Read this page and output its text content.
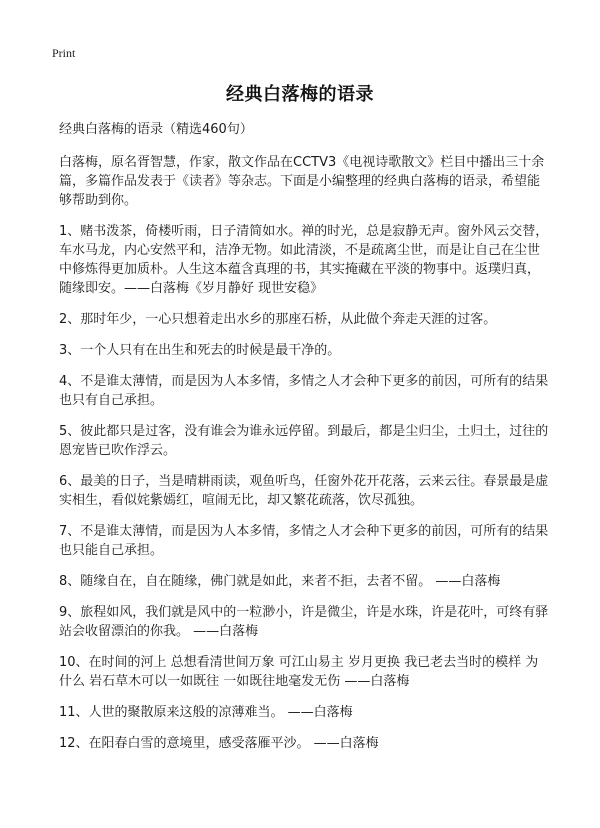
Print
经典白落梅的语录

经典白落梅的语录（精选460句）

白落梅，原名胥智慧，作家，散文作品在CCTV3《电视诗歌散文》栏目中播出三十余篇，多篇作品发表于《读者》等杂志。下面是小编整理的经典白落梅的语录，希望能够帮助到你。

1、赌书泼茶，倚楼听雨，日子清简如水。禅的时光，总是寂静无声。窗外风云交替，车水马龙，内心安然平和，洁净无物。如此清淡，不是疏离尘世，而是让自己在尘世中修炼得更加质朴。人生这本蕴含真理的书，其实掩藏在平淡的物事中。返璞归真，随缘即安。——白落梅《岁月静好 现世安稳》

2、那时年少，一心只想着走出水乡的那座石桥，从此做个奔走天涯的过客。

3、一个人只有在出生和死去的时候是最干净的。

4、不是谁太薄情，而是因为人本多情，多情之人才会种下更多的前因，可所有的结果也只有自己承担。

5、彼此都只是过客，没有谁会为谁永远停留。到最后，都是尘归尘，土归土，过往的恩宠皆已吹作浮云。

6、最美的日子，当是晴耕雨读，观鱼听鸟，任窗外花开花落，云来云往。春景最是虚实相生，看似姹紫嫣红，喧闹无比，却又繁花疏落，饮尽孤独。

7、不是谁太薄情，而是因为人本多情，多情之人才会种下更多的前因，可所有的结果也只能自己承担。

8、随缘自在，自在随缘，佛门就是如此，来者不拒，去者不留。 ——白落梅

9、旅程如风，我们就是风中的一粒渺小，许是微尘，许是水珠，许是花叶，可终有驿站会收留漂泊的你我。 ——白落梅

10、在时间的河上 总想看清世间万象 可江山易主 岁月更换 我已老去当时的模样 为什么 岩石草木可以一如既往 一如既往地毫发无伤 ——白落梅

11、人世的聚散原来这般的凉薄难当。 ——白落梅

12、在阳春白雪的意境里，感受落雁平沙。 ——白落梅
